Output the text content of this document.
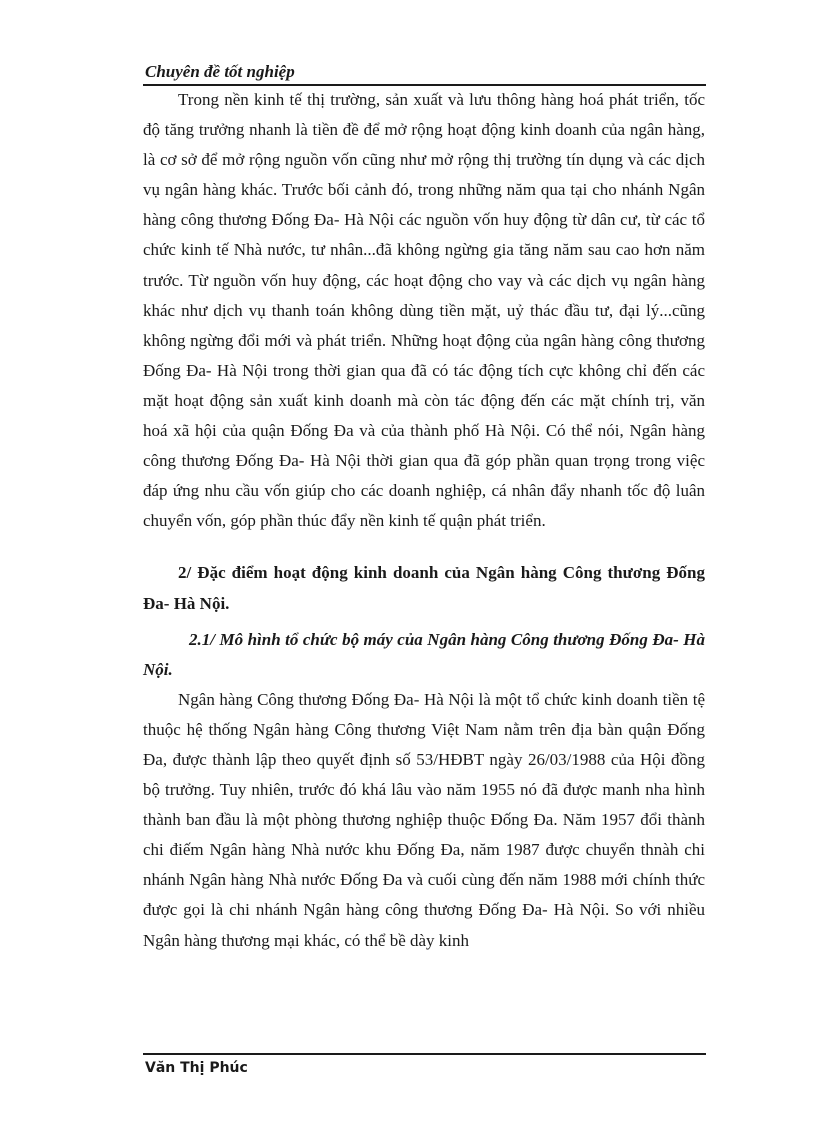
Chuyên đề tốt nghiệp

Trong nền kinh tế thị trường, sản xuất và lưu thông hàng hoá phát triển, tốc độ tăng trưởng nhanh là tiền đề để mở rộng hoạt động kinh doanh của ngân hàng, là cơ sở để mở rộng nguồn vốn cũng như mở rộng thị trường tín dụng và các dịch vụ ngân hàng khác. Trước bối cảnh đó, trong những năm qua tại cho nhánh Ngân hàng công thương Đống Đa- Hà Nội các nguồn vốn huy động từ dân cư, từ các tổ chức kinh tế Nhà nước, tư nhân...đã không ngừng gia tăng năm sau cao hơn năm trước. Từ nguồn vốn huy động, các hoạt động cho vay và các dịch vụ ngân hàng khác như dịch vụ thanh toán không dùng tiền mặt, uỷ thác đầu tư, đại lý...cũng không ngừng đổi mới và phát triển. Những hoạt động của ngân hàng công thương Đống Đa- Hà Nội trong thời gian qua đã có tác động tích cực không chỉ đến các mặt hoạt động sản xuất kinh doanh mà còn tác động đến các mặt chính trị, văn hoá xã hội của quận Đống Đa và của thành phố Hà Nội. Có thể nói, Ngân hàng công thương Đống Đa- Hà Nội thời gian qua đã góp phần quan trọng trong việc đáp ứng nhu cầu vốn giúp cho các doanh nghiệp, cá nhân đẩy nhanh tốc độ luân chuyển vốn, góp phần thúc đẩy nền kinh tế quận phát triển.

2/ Đặc điểm hoạt động kinh doanh của Ngân hàng Công thương Đống Đa- Hà Nội.

2.1/ Mô hình tổ chức bộ máy của Ngân hàng Công thương Đống Đa- Hà Nội.

Ngân hàng Công thương Đống Đa- Hà Nội là một tổ chức kinh doanh tiền tệ thuộc hệ thống Ngân hàng Công thương Việt Nam nằm trên địa bàn quận Đống Đa, được thành lập theo quyết định số 53/HĐBT ngày 26/03/1988 của Hội đồng bộ trưởng. Tuy nhiên, trước đó khá lâu vào năm 1955 nó đã được manh nha hình thành ban đầu là một phòng thương nghiệp thuộc Đống Đa. Năm 1957 đổi thành chi điếm Ngân hàng Nhà nước khu Đống Đa, năm 1987 được chuyển thnàh chi nhánh Ngân hàng Nhà nước Đống Đa và cuối cùng đến năm 1988 mới chính thức được gọi là chi nhánh Ngân hàng công thương Đống Đa- Hà Nội. So với nhiều Ngân hàng thương mại khác, có thể bề dày kinh

Văn Thị Phúc
